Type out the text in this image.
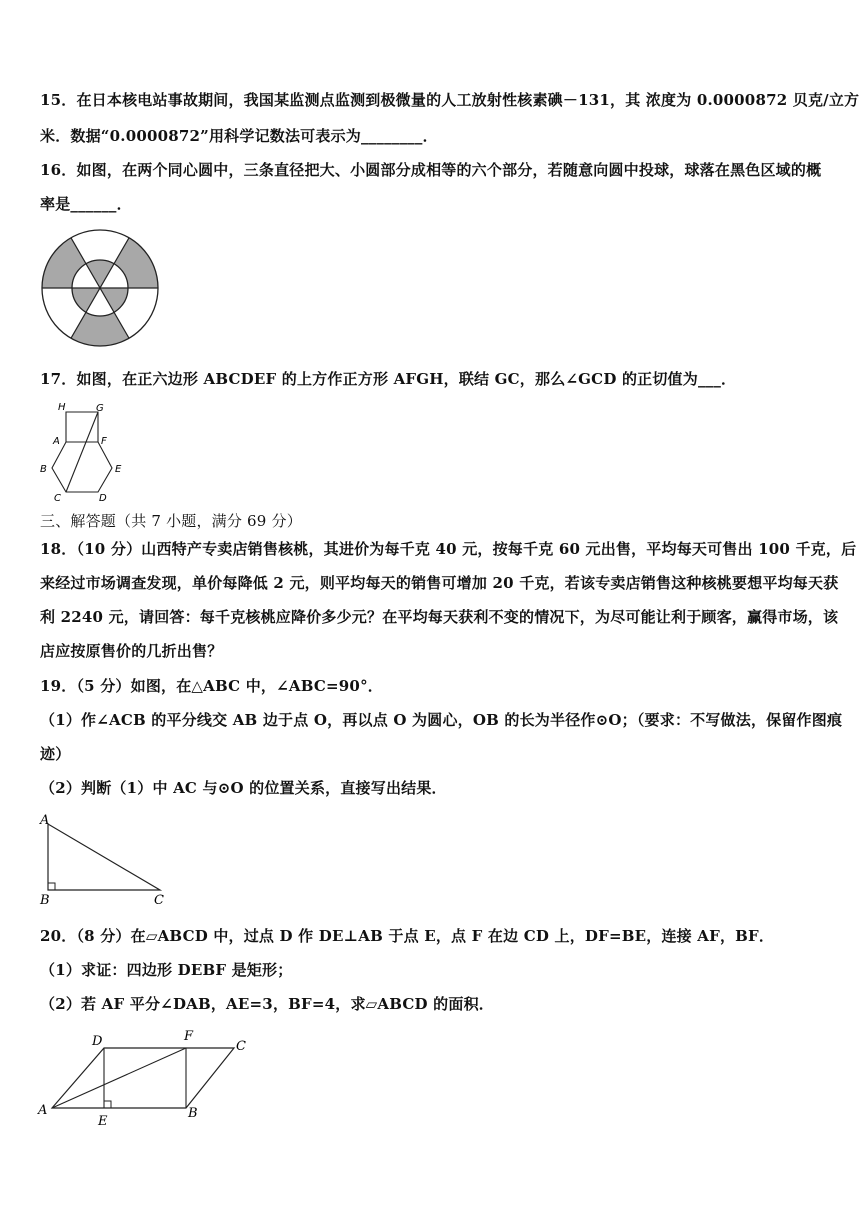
15．在日本核电站事故期间，我国某监测点监测到极微量的人工放射性核素碘－131，其 浓度为 0.0000872 贝克/立方
米．数据“0.0000872”用科学记数法可表示为________．
16．如图，在两个同心圆中，三条直径把大、小圆部分成相等的六个部分，若随意向圆中投球，球落在黑色区域的概
率是______．
17．如图，在正六边形 ABCDEF 的上方作正方形 AFGH，联结 GC，那么∠GCD 的正切值为___．
H	G
A	F
B	E
C	D
三、解答题（共 7 小题，满分 69 分）
18．（10 分）山西特产专卖店销售核桃，其进价为每千克 40 元，按每千克 60 元出售，平均每天可售出 100 千克，后
来经过市场调查发现，单价每降低 2 元，则平均每天的销售可增加 20 千克，若该专卖店销售这种核桃要想平均每天获
利 2240 元，请回答：每千克核桃应降价多少元？在平均每天获利不变的情况下，为尽可能让利于顾客，赢得市场，该
店应按原售价的几折出售？
19．（5 分）如图，在△ABC 中，∠ABC=90°．
（1）作∠ACB 的平分线交 AB 边于点 O，再以点 O 为圆心，OB 的长为半径作⊙O；（要求：不写做法，保留作图痕
迹）
（2）判断（1）中 AC 与⊙O 的位置关系，直接写出结果．
A
B	C
20．（8 分）在▱ABCD 中，过点 D 作 DE⊥AB 于点 E，点 F 在边 CD 上，DF=BE，连接 AF，BF．
（1）求证：四边形 DEBF 是矩形；
（2）若 AF 平分∠DAB，AE=3，BF=4，求▱ABCD 的面积．
D	F
C
A
E
B
